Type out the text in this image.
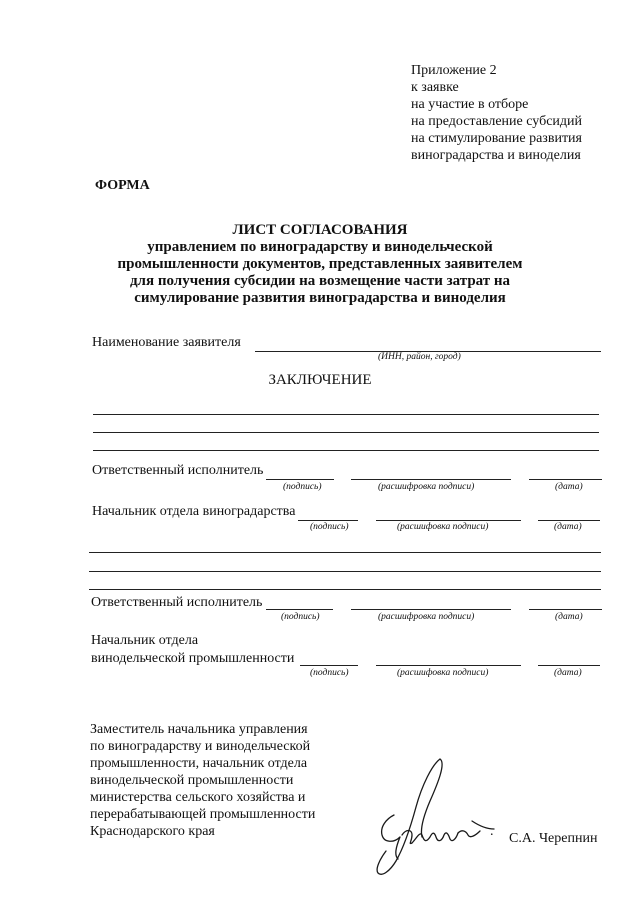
Приложение 2
к заявке
на участие в отборе
на предоставление субсидий
на стимулирование развития
виноградарства и виноделия
ФОРМА
ЛИСТ СОГЛАСОВАНИЯ
управлением по виноградарству и винодельческой
промышленности документов, представленных заявителем
для получения субсидии на возмещение части затрат на
симулирование развития виноградарства и виноделия
Наименование заявителя
(ИНН, район, город)
ЗАКЛЮЧЕНИЕ
Ответственный исполнитель
(подпись)	(расшифровка подписи)	(дата)
Начальник отдела виноградарства
(подпись)	(расшифовка подписи)	(дата)
Ответственный исполнитель
(подпись)	(расшифровка подписи)	(дата)
Начальник отдела
винодельческой промышленности
(подпись)	(расшифовка подписи)	(дата)
Заместитель начальника управления
по виноградарству и винодельческой
промышленности, начальник отдела
винодельческой промышленности
министерства сельского хозяйства и
перерабатывающей промышленности
Краснодарского края	. С.А. Черепнин
